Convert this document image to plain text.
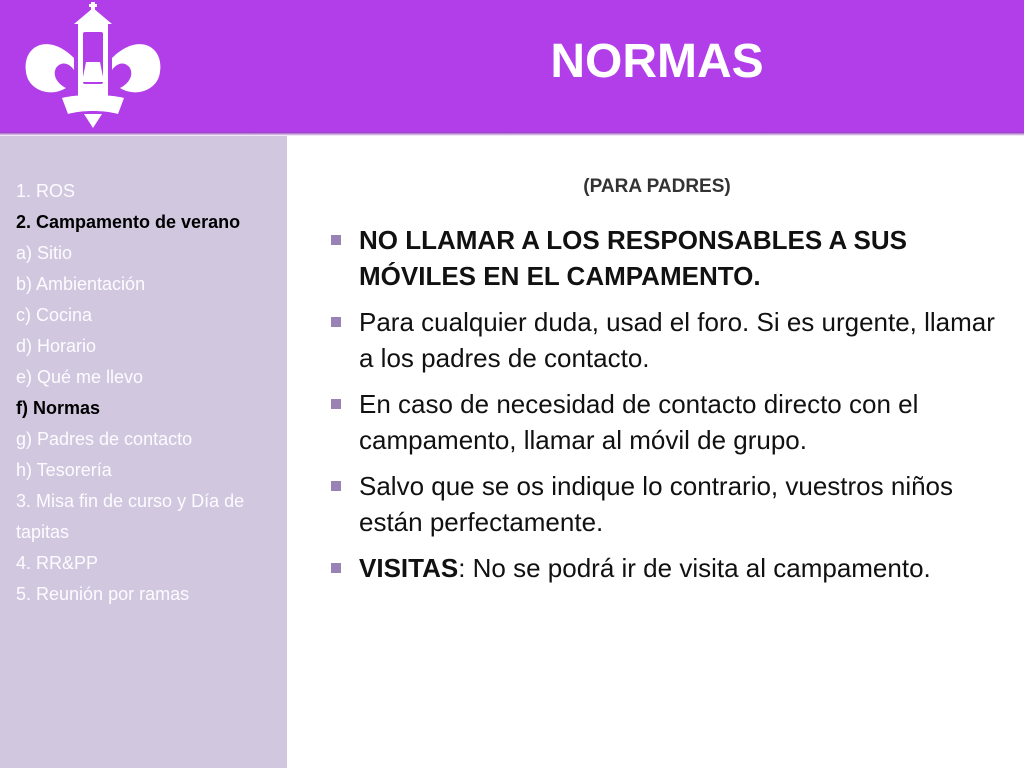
NORMAS
1. ROS
2. Campamento de verano
a) Sitio
b) Ambientación
c) Cocina
d) Horario
e) Qué me llevo
f) Normas
g) Padres de contacto
h) Tesorería
3. Misa fin de curso y Día de tapitas
4. RR&PP
5. Reunión por ramas
(PARA PADRES)
NO LLAMAR A LOS RESPONSABLES A SUS MÓVILES EN EL CAMPAMENTO.
Para cualquier duda, usad el foro. Si es urgente, llamar a los padres de contacto.
En caso de necesidad de contacto directo con el campamento, llamar al móvil de grupo.
Salvo que se os indique lo contrario, vuestros niños están perfectamente.
VISITAS: No se podrá ir de visita al campamento.
